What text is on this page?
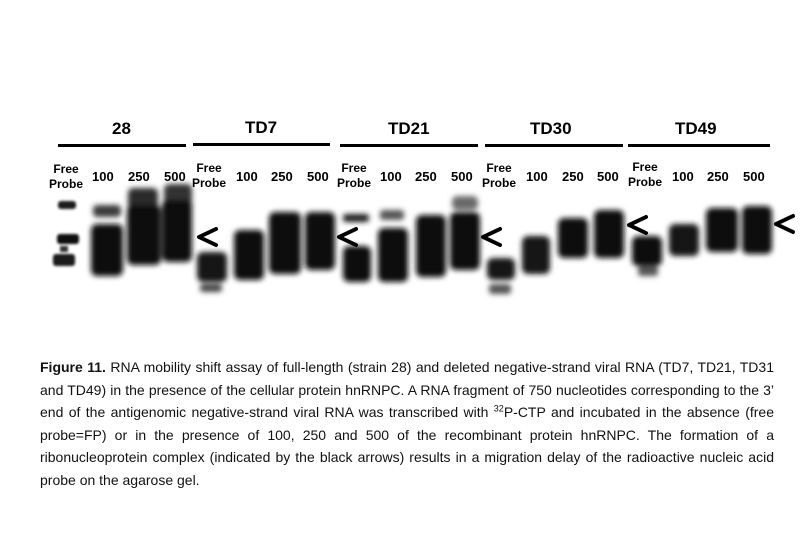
28	TD7	TD21	TD30	TD49
Free
Probe 100 250 500
Free
Probe 100 250 500
Free
Probe 100 250 500
Free
Probe 100 250 500
Free
Probe 100 250 500
Figure 11. RNA mobility shift assay of full-length (strain 28) and deleted negative-strand viral RNA (TD7, TD21, TD31 and TD49) in the presence of the cellular protein hnRNPC. A RNA fragment of 750 nucleotides corresponding to the 3’ end of the antigenomic negative-strand viral RNA was transcribed with $^{32}$P-CTP and incubated in the absence (free probe=FP) or in the presence of 100, 250 and 500 of the recombinant protein hnRNPC. The formation of a ribonucleoprotein complex (indicated by the black arrows) results in a migration delay of the radioactive nucleic acid probe on the agarose gel.
